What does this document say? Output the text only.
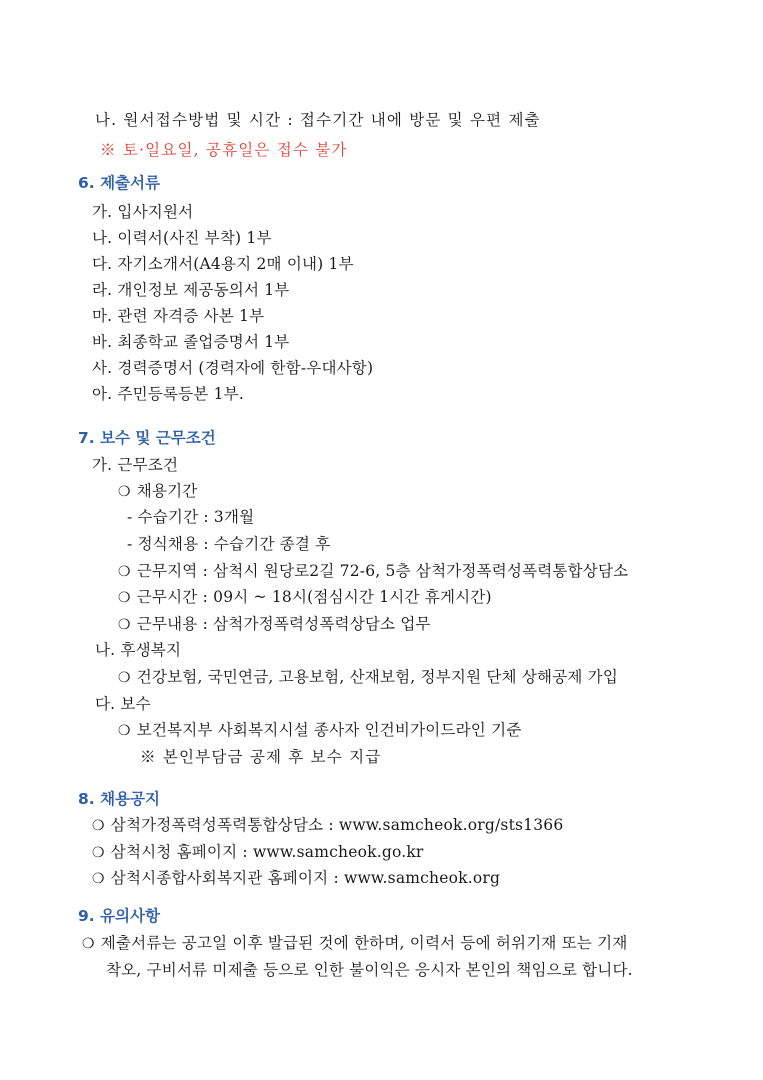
나. 원서접수방법 및 시간 : 접수기간 내에 방문 및 우편 제출
※ 토·일요일, 공휴일은 접수 불가
6. 제출서류
가. 입사지원서
나. 이력서(사진 부착) 1부
다. 자기소개서(A4용지 2매 이내) 1부
라. 개인정보 제공동의서 1부
마. 관련 자격증 사본 1부
바. 최종학교 졸업증명서 1부
사. 경력증명서 (경력자에 한함-우대사항)
아. 주민등록등본 1부.
7. 보수 및 근무조건
가. 근무조건
❍ 채용기간
- 수습기간 : 3개월
- 정식채용 : 수습기간 종결 후
❍ 근무지역 : 삼척시 원당로2길 72-6, 5층 삼척가정폭력성폭력통합상담소
❍ 근무시간 : 09시 ~ 18시(점심시간 1시간 휴게시간)
❍ 근무내용 : 삼척가정폭력성폭력상담소 업무
나. 후생복지
❍ 건강보험, 국민연금, 고용보험, 산재보험, 정부지원 단체 상해공제 가입
다. 보수
❍ 보건복지부 사회복지시설 종사자 인건비가이드라인 기준
※ 본인부담금 공제 후 보수 지급
8. 채용공지
❍ 삼척가정폭력성폭력통합상담소 : www.samcheok.org/sts1366
❍ 삼척시청 홈페이지 : www.samcheok.go.kr
❍ 삼척시종합사회복지관 홈페이지 : www.samcheok.org
9. 유의사항
❍ 제출서류는 공고일 이후 발급된 것에 한하며, 이력서 등에 허위기재 또는 기재
착오, 구비서류 미제출 등으로 인한 불이익은 응시자 본인의 책임으로 합니다.
